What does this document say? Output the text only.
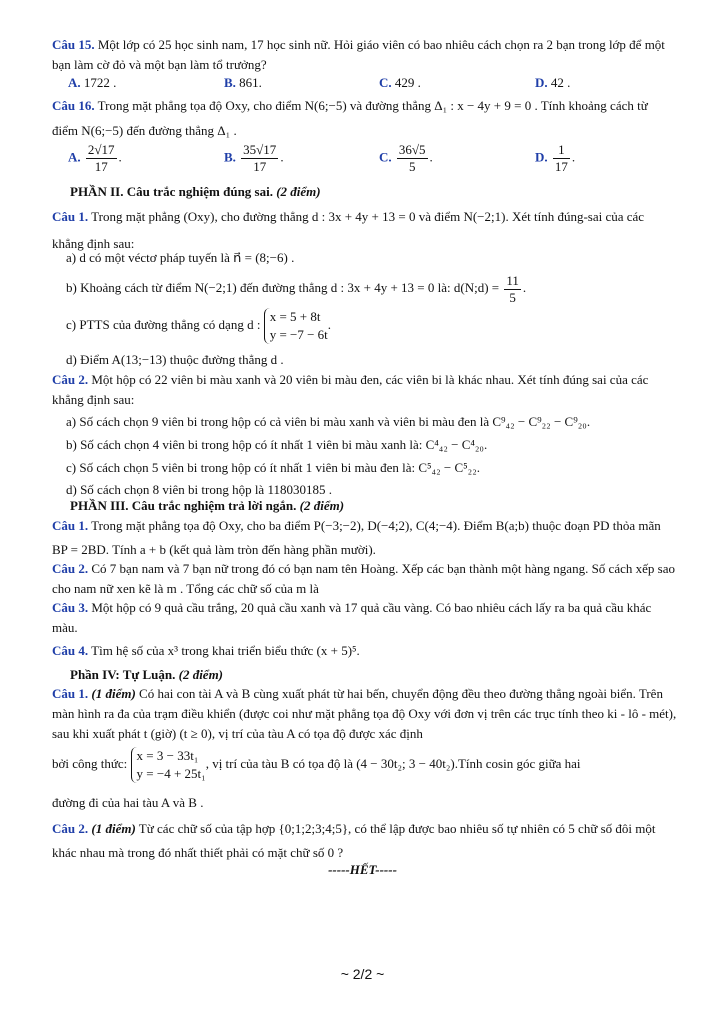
Câu 15. Một lớp có 25 học sinh nam, 17 học sinh nữ. Hỏi giáo viên có bao nhiêu cách chọn ra 2 bạn trong lớp để một bạn làm cờ đỏ và một bạn làm tổ trưởng?
A. 1722 .	B. 861.	C. 429 .	D. 42 .
Câu 16. Trong mặt phẳng tọa độ Oxy, cho điểm N(6;−5) và đường thẳng Δ₁ : x − 4y + 9 = 0 . Tính khoảng cách từ điểm N(6;−5) đến đường thẳng Δ₁ .
A. $\frac{2√17}{17}$ .	B. $\frac{35√17}{17}$ .	C. $\frac{36√5}{5}$ .	D. $\frac{1}{17}$ .
PHẦN II. Câu trắc nghiệm đúng sai. (2 điểm)
Câu 1. Trong mặt phẳng (Oxy), cho đường thẳng d : 3x + 4y + 13 = 0 và điểm N(−2;1). Xét tính đúng-sai của các khẳng định sau:
a) d có một véctơ pháp tuyến là n⃗ = (8;−6) .
b) Khoảng cách từ điểm N(−2;1) đến đường thẳng d : 3x + 4y + 13 = 0 là: d(N;d) = $\frac{11}{5}$ .
c) PTTS của đường thẳng có dạng d :
x = 5 + 8t
y = −7 − 6t
.
d) Điểm A(13;−13) thuộc đường thẳng d .
Câu 2. Một hộp có 22 viên bi màu xanh và 20 viên bi màu đen, các viên bi là khác nhau. Xét tính đúng sai của các khẳng định sau:
a) Số cách chọn 9 viên bi trong hộp có cả viên bi màu xanh và viên bi màu đen là C⁹₄₂ − C⁹₂₂ − C⁹₂₀.
b) Số cách chọn 4 viên bi trong hộp có ít nhất 1 viên bi màu xanh là: C⁴₄₂ − C⁴₂₀.
c) Số cách chọn 5 viên bi trong hộp có ít nhất 1 viên bi màu đen là: C⁵₄₂ − C⁵₂₂.
d) Số cách chọn 8 viên bi trong hộp là 118030185 .
PHẦN III. Câu trắc nghiệm trả lời ngắn. (2 điểm)
Câu 1. Trong mặt phẳng tọa độ Oxy, cho ba điểm P(−3;−2), D(−4;2), C(4;−4). Điểm B(a;b) thuộc đoạn PD thỏa mãn BP = 2BD. Tính a + b (kết quả làm tròn đến hàng phần mười).
Câu 2. Có 7 bạn nam và 7 bạn nữ trong đó có bạn nam tên Hoàng. Xếp các bạn thành một hàng ngang. Số cách xếp sao cho nam nữ xen kẽ là m . Tổng các chữ số của m là
Câu 3. Một hộp có 9 quả cầu trắng, 20 quả cầu xanh và 17 quả cầu vàng. Có bao nhiêu cách lấy ra ba quả cầu khác màu.
Câu 4. Tìm hệ số của x³ trong khai triển biểu thức (x + 5)⁵.
Phần IV: Tự Luận. (2 điểm)
Câu 1. (1 điểm) Có hai con tài A và B cùng xuất phát từ hai bến, chuyển động đều theo đường thẳng ngoài biển. Trên màn hình ra đa của trạm điều khiển (được coi như mặt phẳng tọa độ Oxy với đơn vị trên các trục tính theo ki - lô - mét), sau khi xuất phát t (giờ) (t ≥ 0), vị trí của tàu A có tọa độ được xác định
bởi công thức:
x = 3 − 33t₁
y = −4 + 25t₁
, vị trí của tàu B có tọa độ là (4 − 30t₂; 3 − 40t₂).Tính cosin góc giữa hai
đường đi của hai tàu A và B .
Câu 2. (1 điểm) Từ các chữ số của tập hợp {0;1;2;3;4;5}, có thể lập được bao nhiêu số tự nhiên có 5 chữ số đôi một khác nhau mà trong đó nhất thiết phải có mặt chữ số 0 ?
-----HẾT-----
~ 2/2 ~
